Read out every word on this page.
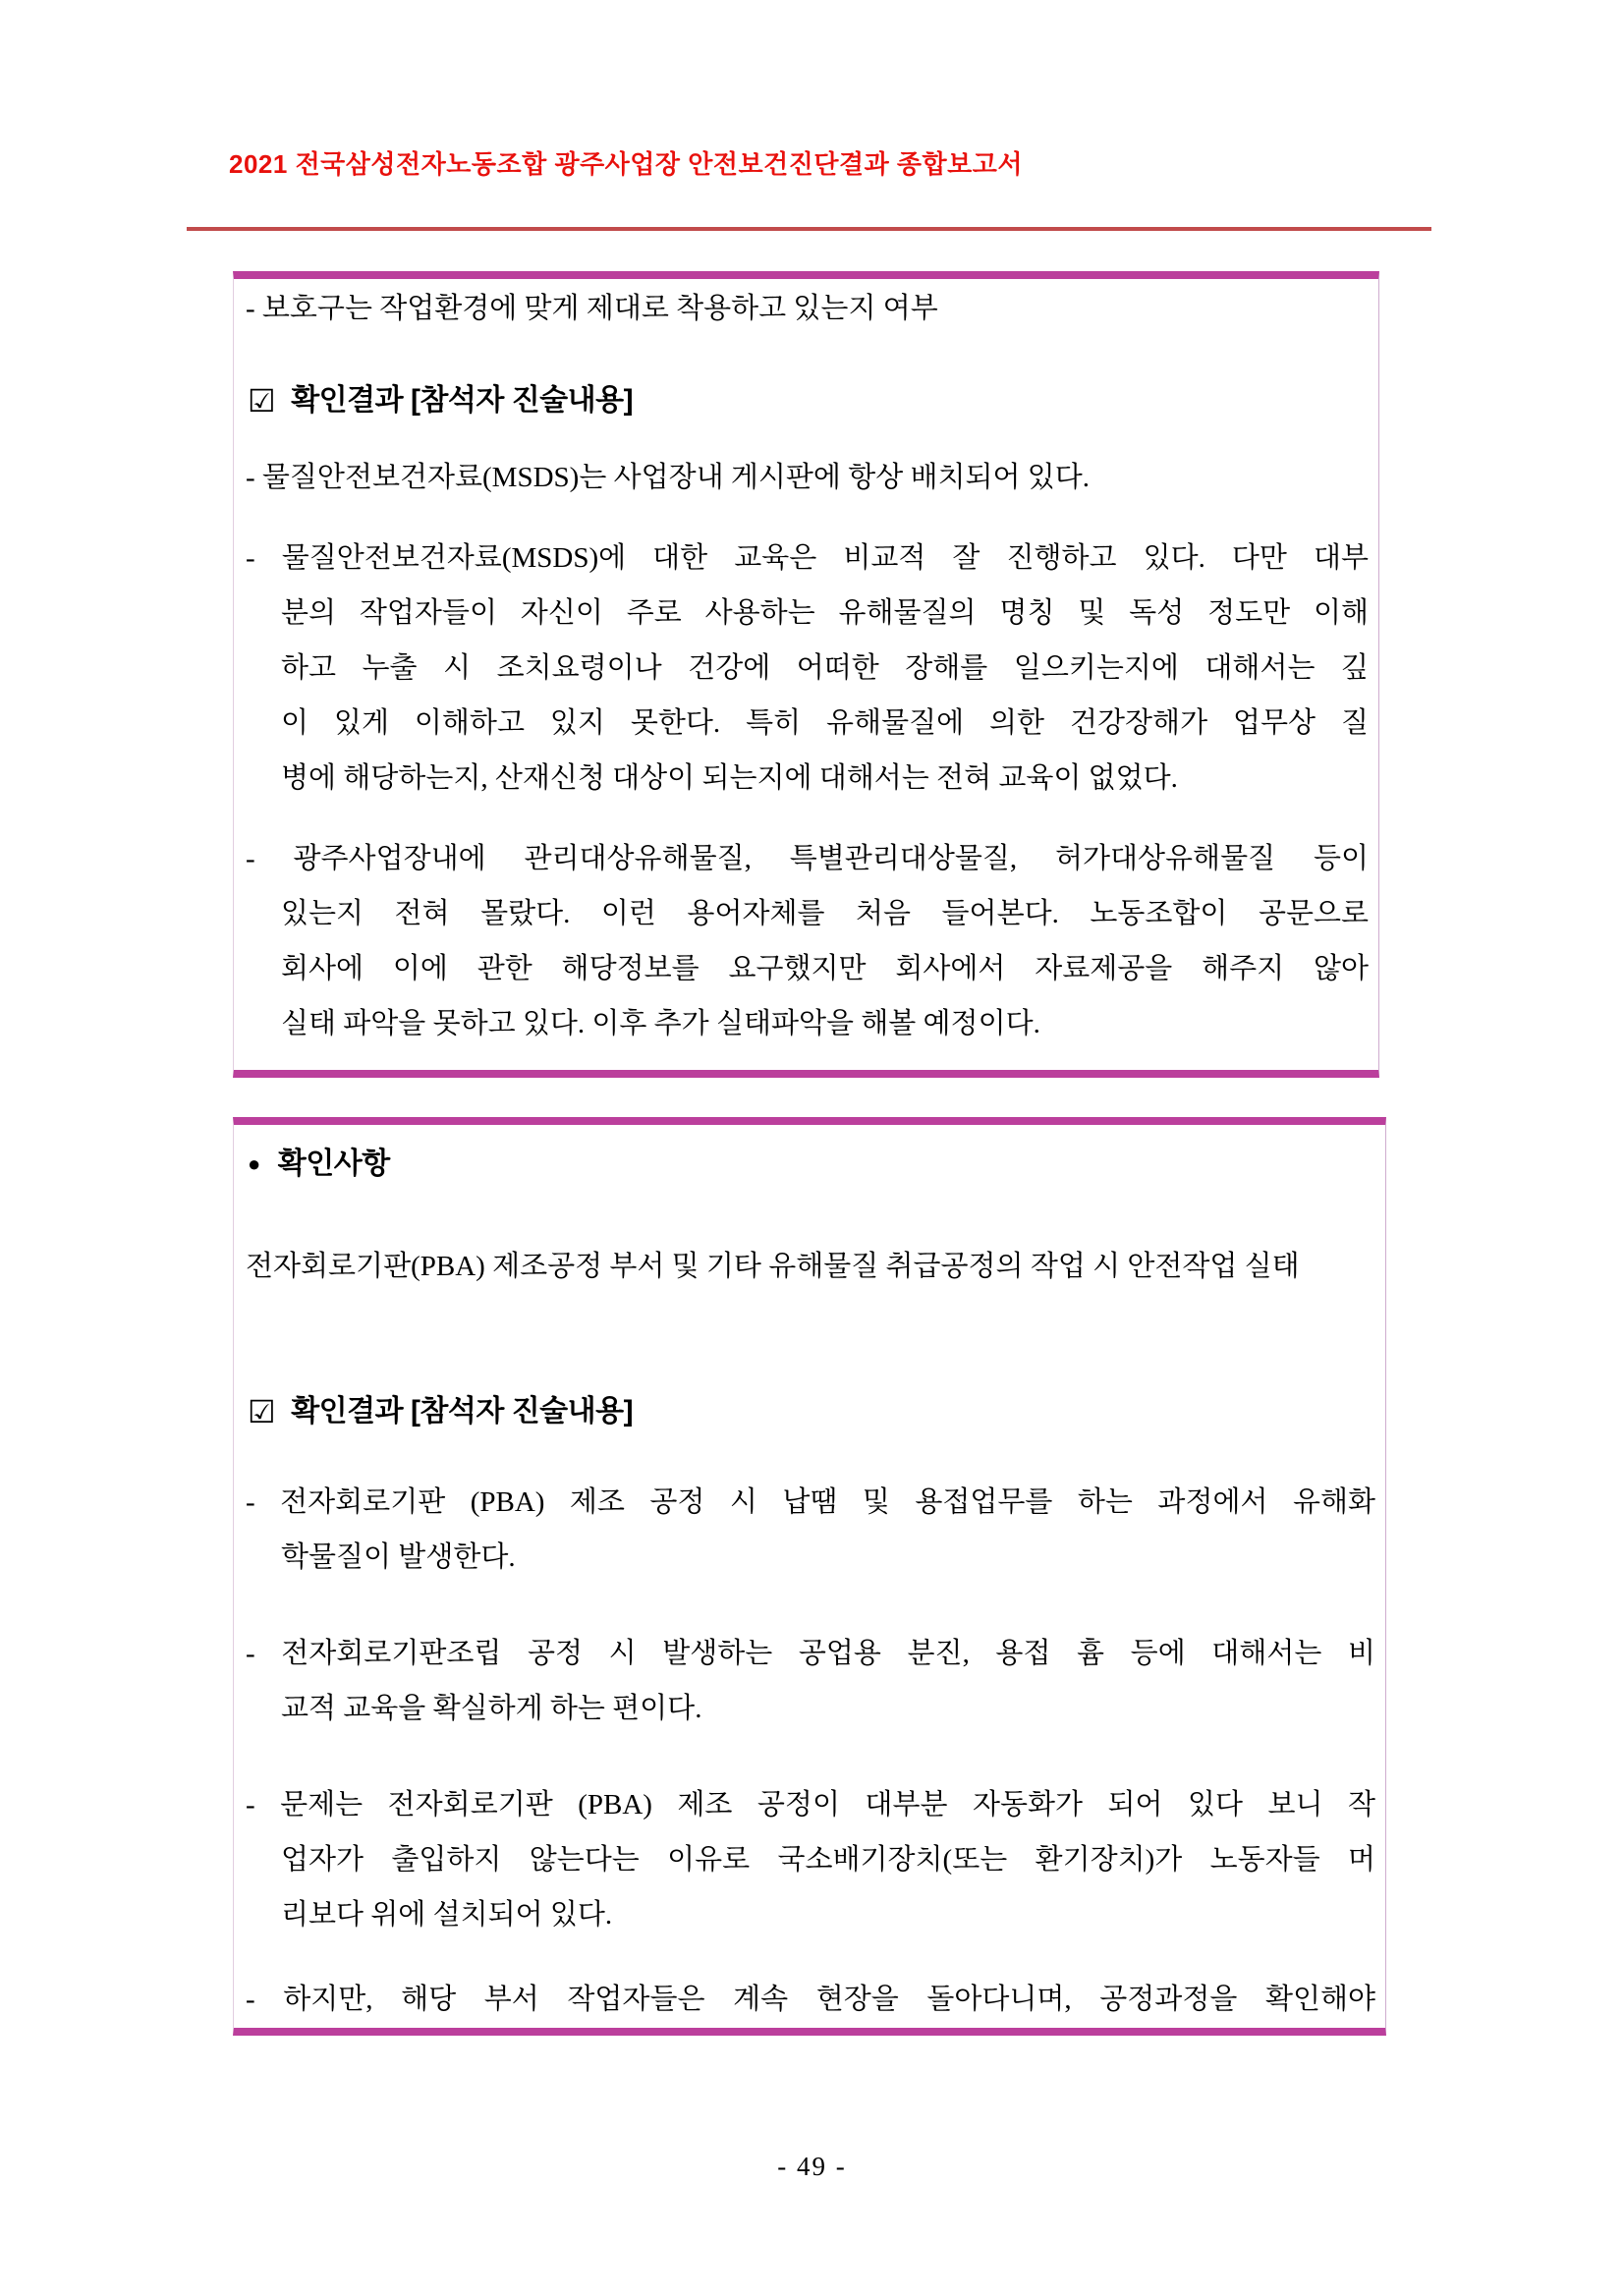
2021 전국삼성전자노동조합 광주사업장 안전보건진단결과 종합보고서
- 보호구는 작업환경에 맞게 제대로 착용하고 있는지 여부
☑ 확인결과 [참석자 진술내용]
- 물질안전보건자료(MSDS)는 사업장내 게시판에 항상 배치되어 있다.
- 물질안전보건자료(MSDS)에 대한 교육은 비교적 잘 진행하고 있다. 다만 대부
분의 작업자들이 자신이 주로 사용하는 유해물질의 명칭 및 독성 정도만 이해
하고 누출 시 조치요령이나 건강에 어떠한 장해를 일으키는지에 대해서는 깊
이 있게 이해하고 있지 못한다. 특히 유해물질에 의한 건강장해가 업무상 질
병에 해당하는지, 산재신청 대상이 되는지에 대해서는 전혀 교육이 없었다.
- 광주사업장내에 관리대상유해물질, 특별관리대상물질, 허가대상유해물질 등이
있는지 전혀 몰랐다. 이런 용어자체를 처음 들어본다. 노동조합이 공문으로
회사에 이에 관한 해당정보를 요구했지만 회사에서 자료제공을 해주지 않아
실태 파악을 못하고 있다. 이후 추가 실태파악을 해볼 예정이다.
● 확인사항
전자회로기판(PBA) 제조공정 부서 및 기타 유해물질 취급공정의 작업 시 안전작업 실태
☑ 확인결과 [참석자 진술내용]
- 전자회로기판 (PBA) 제조 공정 시 납땜 및 용접업무를 하는 과정에서 유해화
학물질이 발생한다.
- 전자회로기판조립 공정 시 발생하는 공업용 분진, 용접 흄 등에 대해서는 비
교적 교육을 확실하게 하는 편이다.
- 문제는 전자회로기판 (PBA) 제조 공정이 대부분 자동화가 되어 있다 보니 작
업자가 출입하지 않는다는 이유로 국소배기장치(또는 환기장치)가 노동자들 머
리보다 위에 설치되어 있다.
- 하지만, 해당 부서 작업자들은 계속 현장을 돌아다니며, 공정과정을 확인해야
- 49 -
